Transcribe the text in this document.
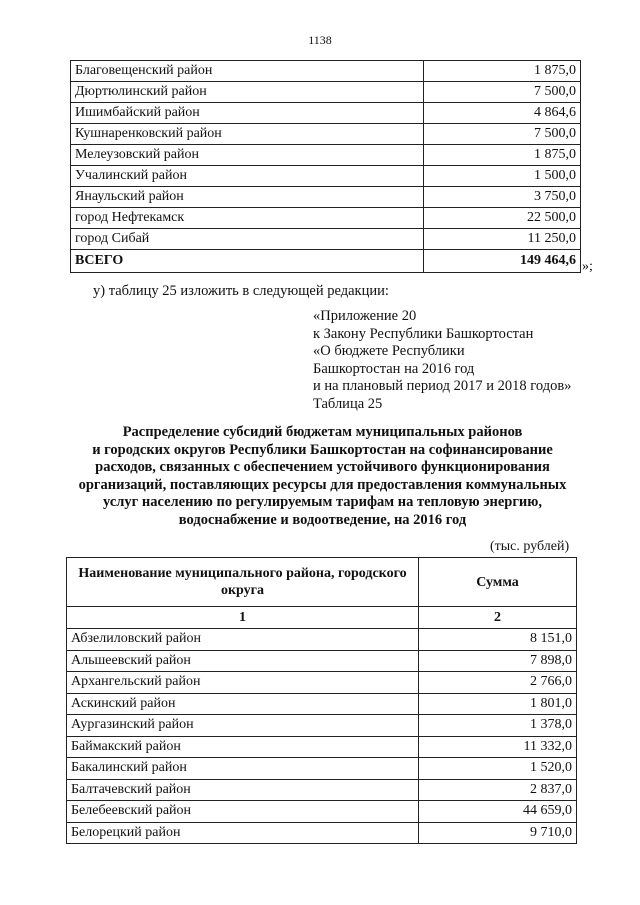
1138
Благовещенский район	1 875,0
Дюртюлинский район	7 500,0
Ишимбайский район	4 864,6
Кушнаренковский район	7 500,0
Мелеузовский район	1 875,0
Учалинский район	1 500,0
Янаульский район	3 750,0
город Нефтекамск	22 500,0
город Сибай	11 250,0
ВСЕГО	149 464,6 »;
у) таблицу 25 изложить в следующей редакции:
«Приложение 20
к Закону Республики Башкортостан
«О бюджете Республики
Башкортостан на 2016 год
и на плановый период 2017 и 2018 годов»
Таблица 25
Распределение субсидий бюджетам муниципальных районов
и городских округов Республики Башкортостан на софинансирование
расходов, связанных с обеспечением устойчивого функционирования
организаций, поставляющих ресурсы для предоставления коммунальных
услуг населению по регулируемым тарифам на тепловую энергию,
водоснабжение и водоотведение, на 2016 год
(тыс. рублей)
Наименование муниципального района, городского округа	Сумма
1	2
Абзелиловский район	8 151,0
Альшеевский район	7 898,0
Архангельский район	2 766,0
Аскинский район	1 801,0
Аургазинский район	1 378,0
Баймакский район	11 332,0
Бакалинский район	1 520,0
Балтачевский район	2 837,0
Белебеевский район	44 659,0
Белорецкий район	9 710,0
